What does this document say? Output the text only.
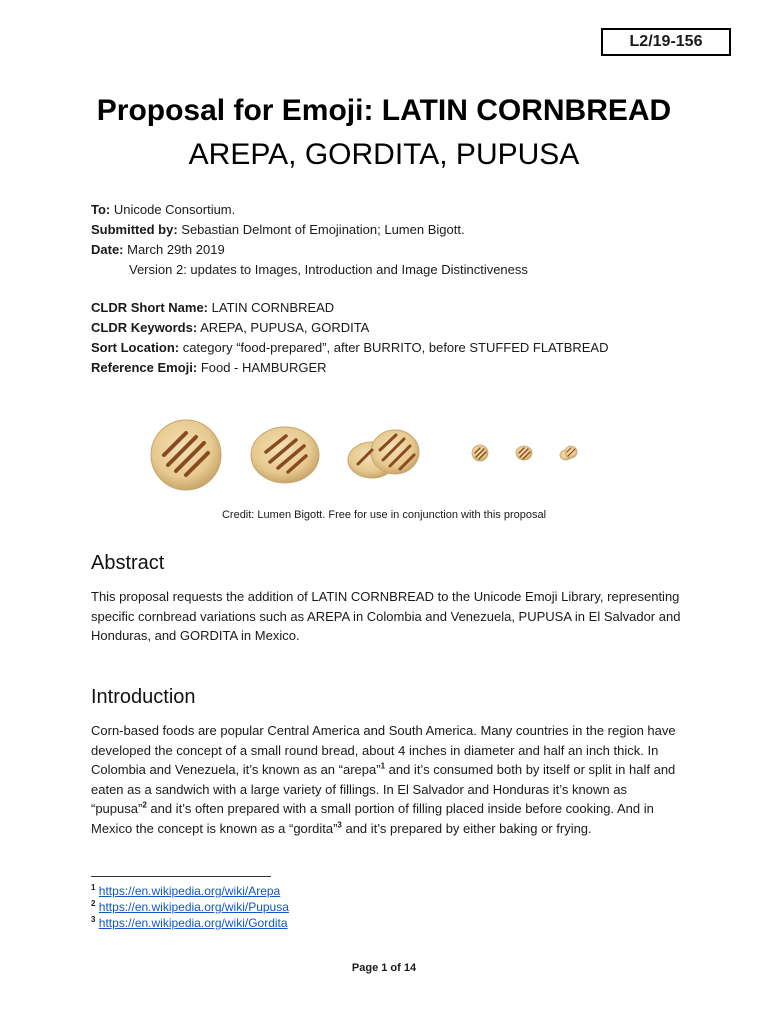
L2/19-156
Proposal for Emoji: LATIN CORNBREAD
AREPA, GORDITA, PUPUSA
To: Unicode Consortium.
Submitted by: Sebastian Delmont of Emojination; Lumen Bigott.
Date: March 29th 2019
Version 2: updates to Images, Introduction and Image Distinctiveness
CLDR Short Name: LATIN CORNBREAD
CLDR Keywords: AREPA, PUPUSA, GORDITA
Sort Location: category “food-prepared”, after BURRITO, before STUFFED FLATBREAD
Reference Emoji: Food - HAMBURGER
Credit: Lumen Bigott. Free for use in conjunction with this proposal
Abstract

This proposal requests the addition of LATIN CORNBREAD to the Unicode Emoji Library, representing specific cornbread variations such as AREPA in Colombia and Venezuela, PUPUSA in El Salvador and Honduras, and GORDITA in Mexico.

Introduction

Corn-based foods are popular Central America and South America. Many countries in the region have developed the concept of a small round bread, about 4 inches in diameter and half an inch thick. In Colombia and Venezuela, it’s known as an “arepa”$^1$ and it’s consumed both by itself or split in half and eaten as a sandwich with a large variety of fillings. In El Salvador and Honduras it’s known as “pupusa”$^2$ and it’s often prepared with a small portion of filling placed inside before cooking. And in Mexico the concept is known as a “gordita”$^3$ and it’s prepared by either baking or frying.

$^1$ https://en.wikipedia.org/wiki/Arepa
$^2$ https://en.wikipedia.org/wiki/Pupusa
$^3$ https://en.wikipedia.org/wiki/Gordita
Page 1 of 14
